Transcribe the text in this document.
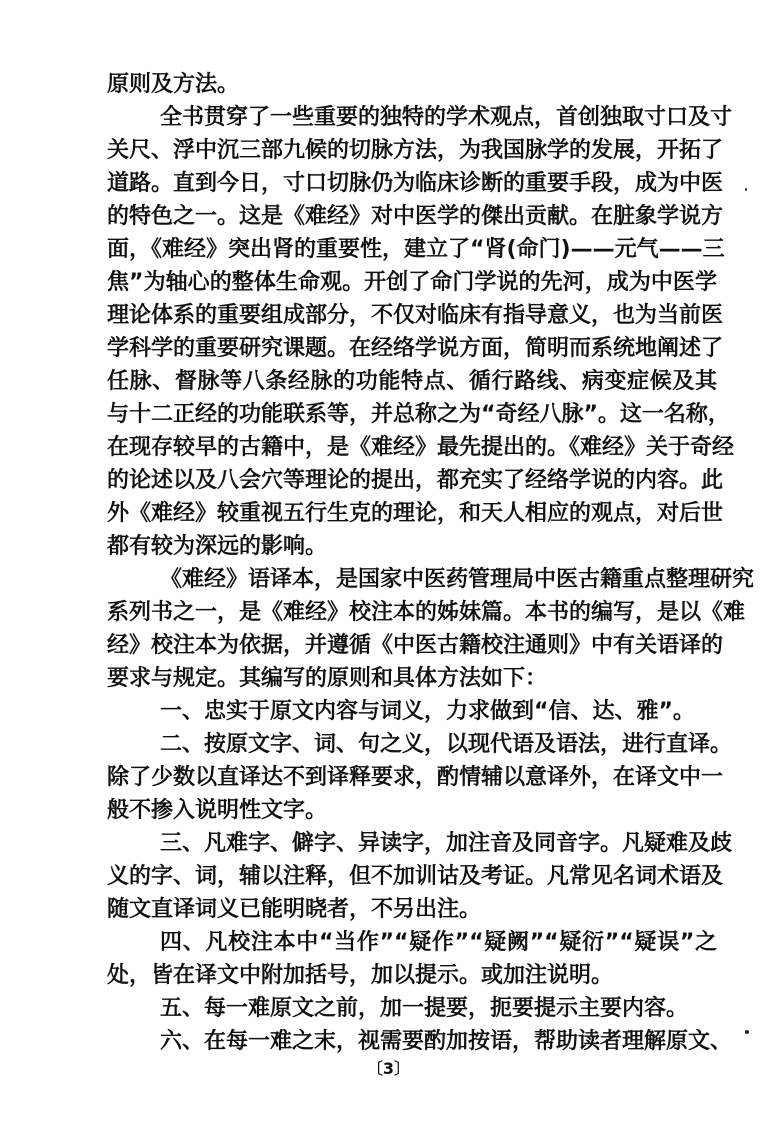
原则及方法。
全书贯穿了一些重要的独特的学术观点，首创独取寸口及寸
关尺、浮中沉三部九候的切脉方法，为我国脉学的发展，开拓了
道路。直到今日，寸口切脉仍为临床诊断的重要手段，成为中医
的特色之一。这是《难经》对中医学的傑出贡献。在脏象学说方
面，《难经》突出肾的重要性，建立了“肾(命门)——元气——三
焦”为轴心的整体生命观。开创了命门学说的先河，成为中医学
理论体系的重要组成部分，不仅对临床有指导意义，也为当前医
学科学的重要研究课题。在经络学说方面，简明而系统地阐述了
任脉、督脉等八条经脉的功能特点、循行路线、病变症候及其
与十二正经的功能联系等，并总称之为“奇经八脉”。这一名称，
在现存较早的古籍中，是《难经》最先提出的。《难经》关于奇经
的论述以及八会穴等理论的提出，都充实了经络学说的内容。此
外《难经》较重视五行生克的理论，和天人相应的观点，对后世
都有较为深远的影响。
《难经》语译本，是国家中医药管理局中医古籍重点整理研究
系列书之一，是《难经》校注本的姊妹篇。本书的编写，是以《难
经》校注本为依据，并遵循《中医古籍校注通则》中有关语译的
要求与规定。其编写的原则和具体方法如下：
一、忠实于原文内容与词义，力求做到“信、达、雅”。
二、按原文字、词、句之义，以现代语及语法，进行直译。
除了少数以直译达不到译释要求，酌情辅以意译外，在译文中一
般不掺入说明性文字。
三、凡难字、僻字、异读字，加注音及同音字。凡疑难及歧
义的字、词，辅以注释，但不加训诂及考证。凡常见名词术语及
随文直译词义已能明晓者，不另出注。
四、凡校注本中“当作”“疑作”“疑阙”“疑衍”“疑误”之
处，皆在译文中附加括号，加以提示。或加注说明。
五、每一难原文之前，加一提要，扼要提示主要内容。
六、在每一难之末，视需要酌加按语，帮助读者理解原文、
〔3〕
